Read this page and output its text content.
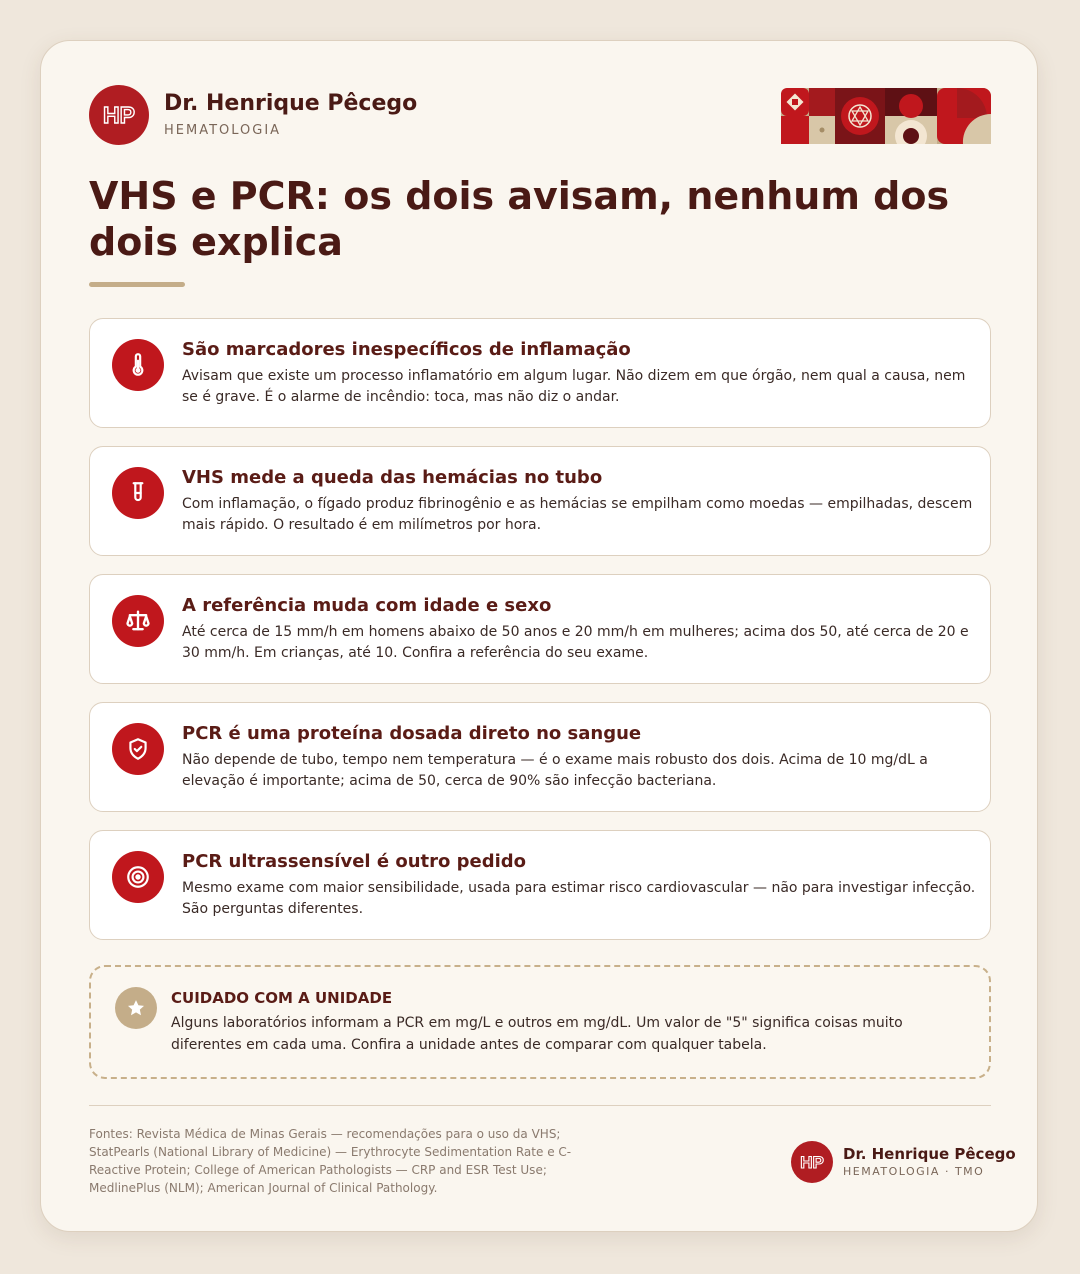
HP Dr. Henrique Pêcego
HEMATOLOGIA
VHS e PCR: os dois avisam, nenhum dos dois explica
São marcadores inespecíficos de inflamação
Avisam que existe um processo inflamatório em algum lugar. Não dizem em que órgão, nem qual a causa, nem se é grave. É o alarme de incêndio: toca, mas não diz o andar.
VHS mede a queda das hemácias no tubo
Com inflamação, o fígado produz fibrinogênio e as hemácias se empilham como moedas — empilhadas, descem mais rápido. O resultado é em milímetros por hora.
A referência muda com idade e sexo
Até cerca de 15 mm/h em homens abaixo de 50 anos e 20 mm/h em mulheres; acima dos 50, até cerca de 20 e 30 mm/h. Em crianças, até 10. Confira a referência do seu exame.
PCR é uma proteína dosada direto no sangue
Não depende de tubo, tempo nem temperatura — é o exame mais robusto dos dois. Acima de 10 mg/dL a elevação é importante; acima de 50, cerca de 90% são infecção bacteriana.
PCR ultrassensível é outro pedido
Mesmo exame com maior sensibilidade, usada para estimar risco cardiovascular — não para investigar infecção. São perguntas diferentes.
CUIDADO COM A UNIDADE
Alguns laboratórios informam a PCR em mg/L e outros em mg/dL. Um valor de "5" significa coisas muito diferentes em cada uma. Confira a unidade antes de comparar com qualquer tabela.
Fontes: Revista Médica de Minas Gerais — recomendações para o uso da VHS; StatPearls (National Library of Medicine) — Erythrocyte Sedimentation Rate e C-Reactive Protein; College of American Pathologists — CRP and ESR Test Use; MedlinePlus (NLM); American Journal of Clinical Pathology.
HP Dr. Henrique Pêcego
HEMATOLOGIA · TMO
